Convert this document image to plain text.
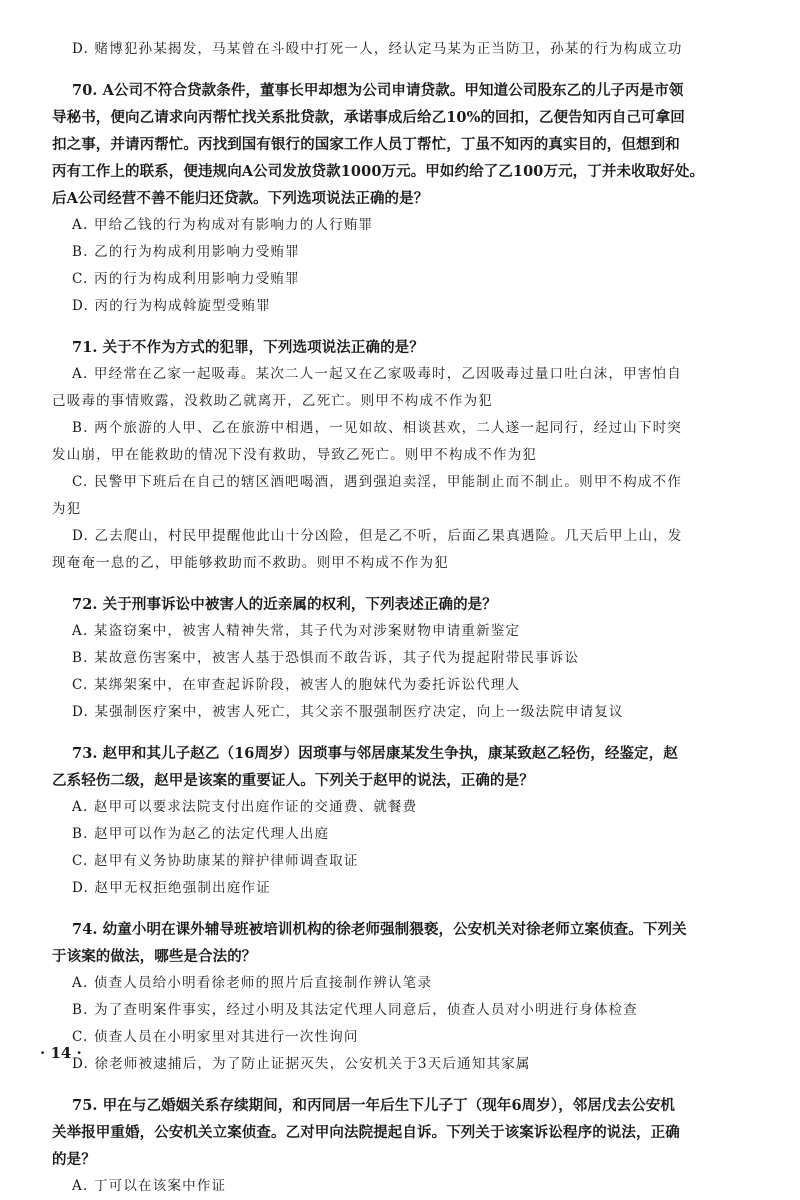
D. 赌博犯孙某揭发，马某曾在斗殴中打死一人，经认定马某为正当防卫，孙某的行为构成立功
70. A公司不符合贷款条件，董事长甲却想为公司申请贷款。甲知道公司股东乙的儿子丙是市领
导秘书，便向乙请求向丙帮忙找关系批贷款，承诺事成后给乙10%的回扣，乙便告知丙自己可拿回
扣之事，并请丙帮忙。丙找到国有银行的国家工作人员丁帮忙，丁虽不知丙的真实目的，但想到和
丙有工作上的联系，便违规向A公司发放贷款1000万元。甲如约给了乙100万元，丁并未收取好处。
后A公司经营不善不能归还贷款。下列选项说法正确的是？
A. 甲给乙钱的行为构成对有影响力的人行贿罪
B. 乙的行为构成利用影响力受贿罪
C. 丙的行为构成利用影响力受贿罪
D. 丙的行为构成斡旋型受贿罪
71. 关于不作为方式的犯罪，下列选项说法正确的是？
A. 甲经常在乙家一起吸毒。某次二人一起又在乙家吸毒时，乙因吸毒过量口吐白沫，甲害怕自
己吸毒的事情败露，没救助乙就离开，乙死亡。则甲不构成不作为犯
B. 两个旅游的人甲、乙在旅游中相遇，一见如故、相谈甚欢，二人遂一起同行，经过山下时突
发山崩，甲在能救助的情况下没有救助，导致乙死亡。则甲不构成不作为犯
C. 民警甲下班后在自己的辖区酒吧喝酒，遇到强迫卖淫，甲能制止而不制止。则甲不构成不作
为犯
D. 乙去爬山，村民甲提醒他此山十分凶险，但是乙不听，后面乙果真遇险。几天后甲上山，发
现奄奄一息的乙，甲能够救助而不救助。则甲不构成不作为犯
72. 关于刑事诉讼中被害人的近亲属的权利，下列表述正确的是？
A. 某盗窃案中，被害人精神失常，其子代为对涉案财物申请重新鉴定
B. 某故意伤害案中，被害人基于恐惧而不敢告诉，其子代为提起附带民事诉讼
C. 某绑架案中，在审查起诉阶段，被害人的胞妹代为委托诉讼代理人
D. 某强制医疗案中，被害人死亡，其父亲不服强制医疗决定，向上一级法院申请复议
73. 赵甲和其儿子赵乙（16周岁）因琐事与邻居康某发生争执，康某致赵乙轻伤，经鉴定，赵
乙系轻伤二级，赵甲是该案的重要证人。下列关于赵甲的说法，正确的是？
A. 赵甲可以要求法院支付出庭作证的交通费、就餐费
B. 赵甲可以作为赵乙的法定代理人出庭
C. 赵甲有义务协助康某的辩护律师调查取证
D. 赵甲无权拒绝强制出庭作证
74. 幼童小明在课外辅导班被培训机构的徐老师强制猥亵，公安机关对徐老师立案侦查。下列关
于该案的做法，哪些是合法的？
A. 侦查人员给小明看徐老师的照片后直接制作辨认笔录
B. 为了查明案件事实，经过小明及其法定代理人同意后，侦查人员对小明进行身体检查
C. 侦查人员在小明家里对其进行一次性询问
D. 徐老师被逮捕后，为了防止证据灭失，公安机关于3天后通知其家属
75. 甲在与乙婚姻关系存续期间，和丙同居一年后生下儿子丁（现年6周岁），邻居戊去公安机
关举报甲重婚，公安机关立案侦查。乙对甲向法院提起自诉。下列关于该案诉讼程序的说法，正确
的是？
A. 丁可以在该案中作证
· 14 ·
